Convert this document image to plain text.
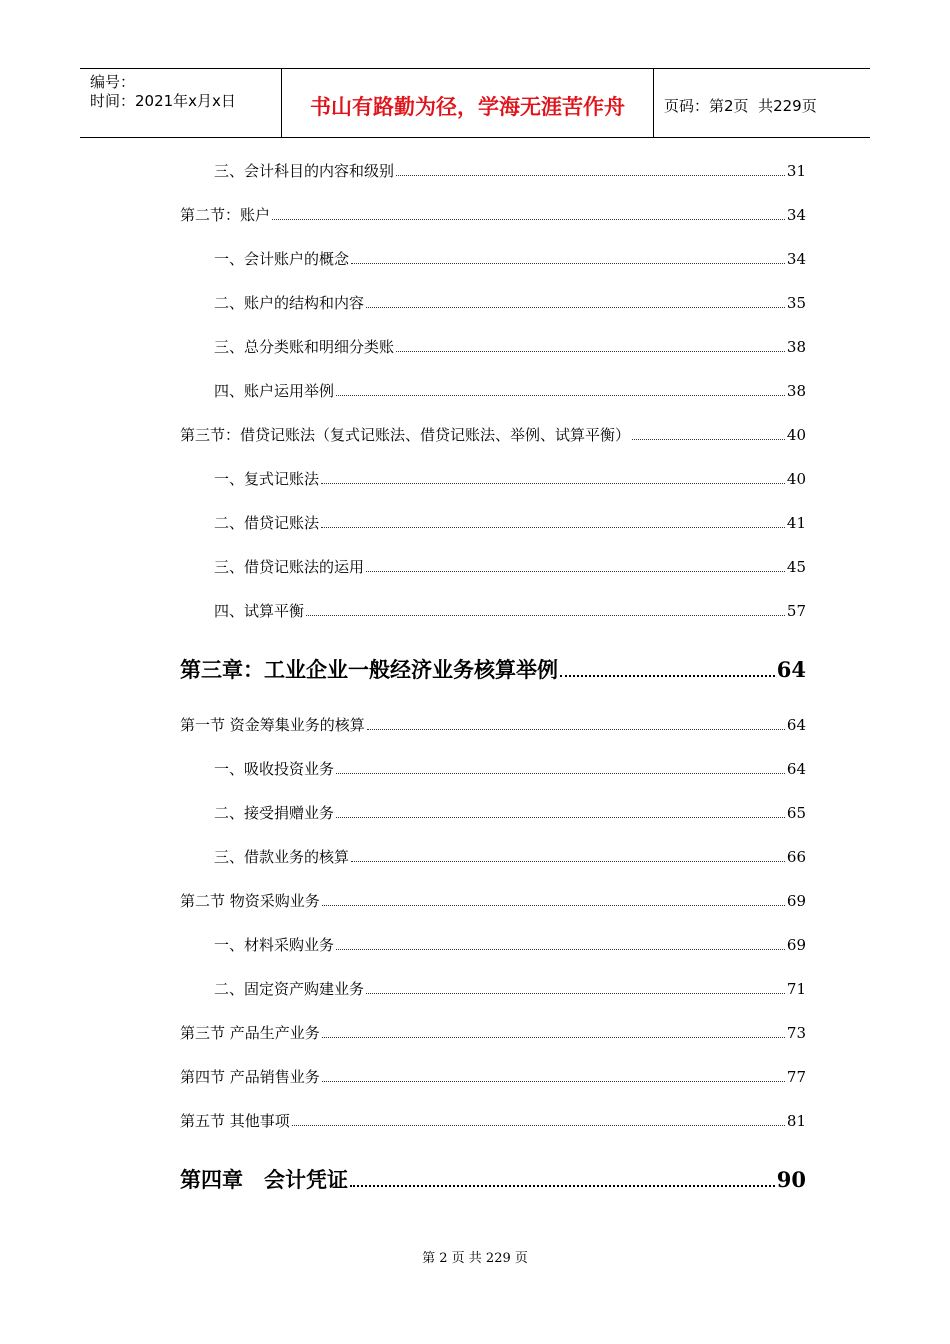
编号：
时间：2021年x月x日	书山有路勤为径，学海无涯苦作舟	页码：第2页  共229页
三、会计科目的内容和级别	31
第二节：账户	34
一、会计账户的概念	34
二、账户的结构和内容	35
三、总分类账和明细分类账	38
四、账户运用举例	38
第三节：借贷记账法（复式记账法、借贷记账法、举例、试算平衡）	40
一、复式记账法	40
二、借贷记账法	41
三、借贷记账法的运用	45
四、试算平衡	57
第三章：工业企业一般经济业务核算举例	64
第一节 资金筹集业务的核算	64
一、吸收投资业务	64
二、接受捐赠业务	65
三、借款业务的核算	66
第二节 物资采购业务	69
一、材料采购业务	69
二、固定资产购建业务	71
第三节 产品生产业务	73
第四节 产品销售业务	77
第五节 其他事项	81
第四章　会计凭证	90
第 2 页 共 229 页
